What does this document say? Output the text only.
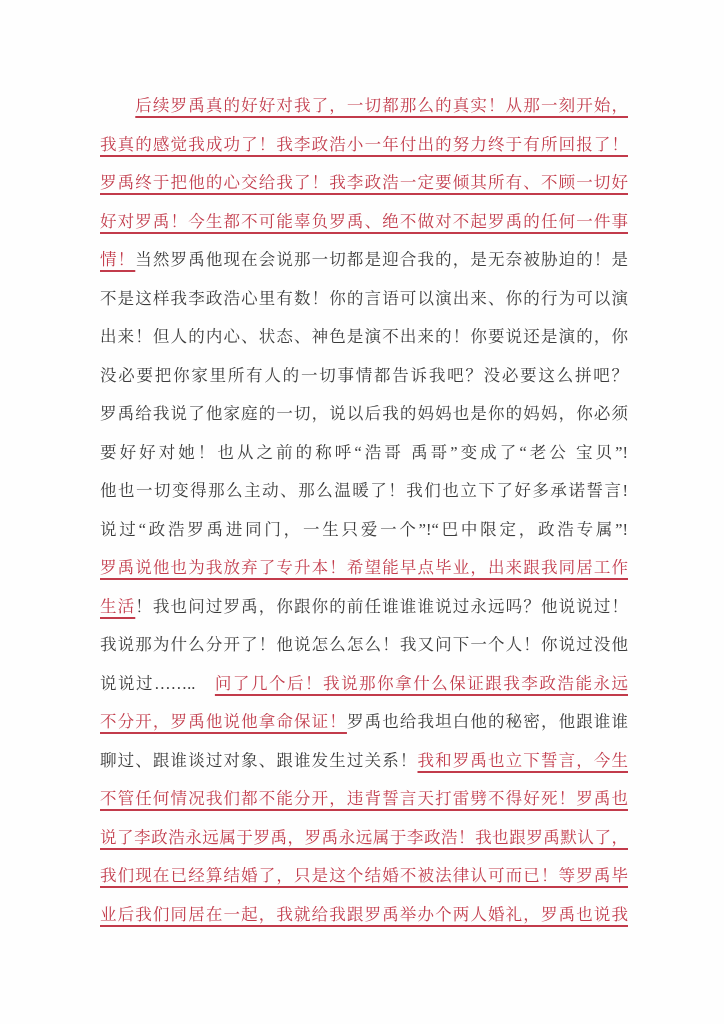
　　后续罗禹真的好好对我了，一切都那么的真实！从那一刻开始，
我真的感觉我成功了！我李政浩小一年付出的努力终于有所回报了！
罗禹终于把他的心交给我了！我李政浩一定要倾其所有、不顾一切好
好对罗禹！今生都不可能辜负罗禹、绝不做对不起罗禹的任何一件事
情！当然罗禹他现在会说那一切都是迎合我的，是无奈被胁迫的！是
不是这样我李政浩心里有数！你的言语可以演出来、你的行为可以演
出来！但人的内心、状态、神色是演不出来的！你要说还是演的，你
没必要把你家里所有人的一切事情都告诉我吧？没必要这么拼吧？
罗禹给我说了他家庭的一切，说以后我的妈妈也是你的妈妈，你必须
要好好对她！也从之前的称呼“浩哥 禹哥”变成了“老公 宝贝”!
他也一切变得那么主动、那么温暖了！我们也立下了好多承诺誓言!
说过“政浩罗禹进同门，一生只爱一个”!“巴中限定，政浩专属”!
罗禹说他也为我放弃了专升本！希望能早点毕业，出来跟我同居工作
生活！我也问过罗禹，你跟你的前任谁谁谁说过永远吗？他说说过！
我说那为什么分开了！他说怎么怎么！我又问下一个人！你说过没他
说说过……..　问了几个后！我说那你拿什么保证跟我李政浩能永远
不分开，罗禹他说他拿命保证！罗禹也给我坦白他的秘密，他跟谁谁
聊过、跟谁谈过对象、跟谁发生过关系！我和罗禹也立下誓言，今生
不管任何情况我们都不能分开，违背誓言天打雷劈不得好死！罗禹也
说了李政浩永远属于罗禹，罗禹永远属于李政浩！我也跟罗禹默认了，
我们现在已经算结婚了，只是这个结婚不被法律认可而已！等罗禹毕
业后我们同居在一起，我就给我跟罗禹举办个两人婚礼，罗禹也说我
